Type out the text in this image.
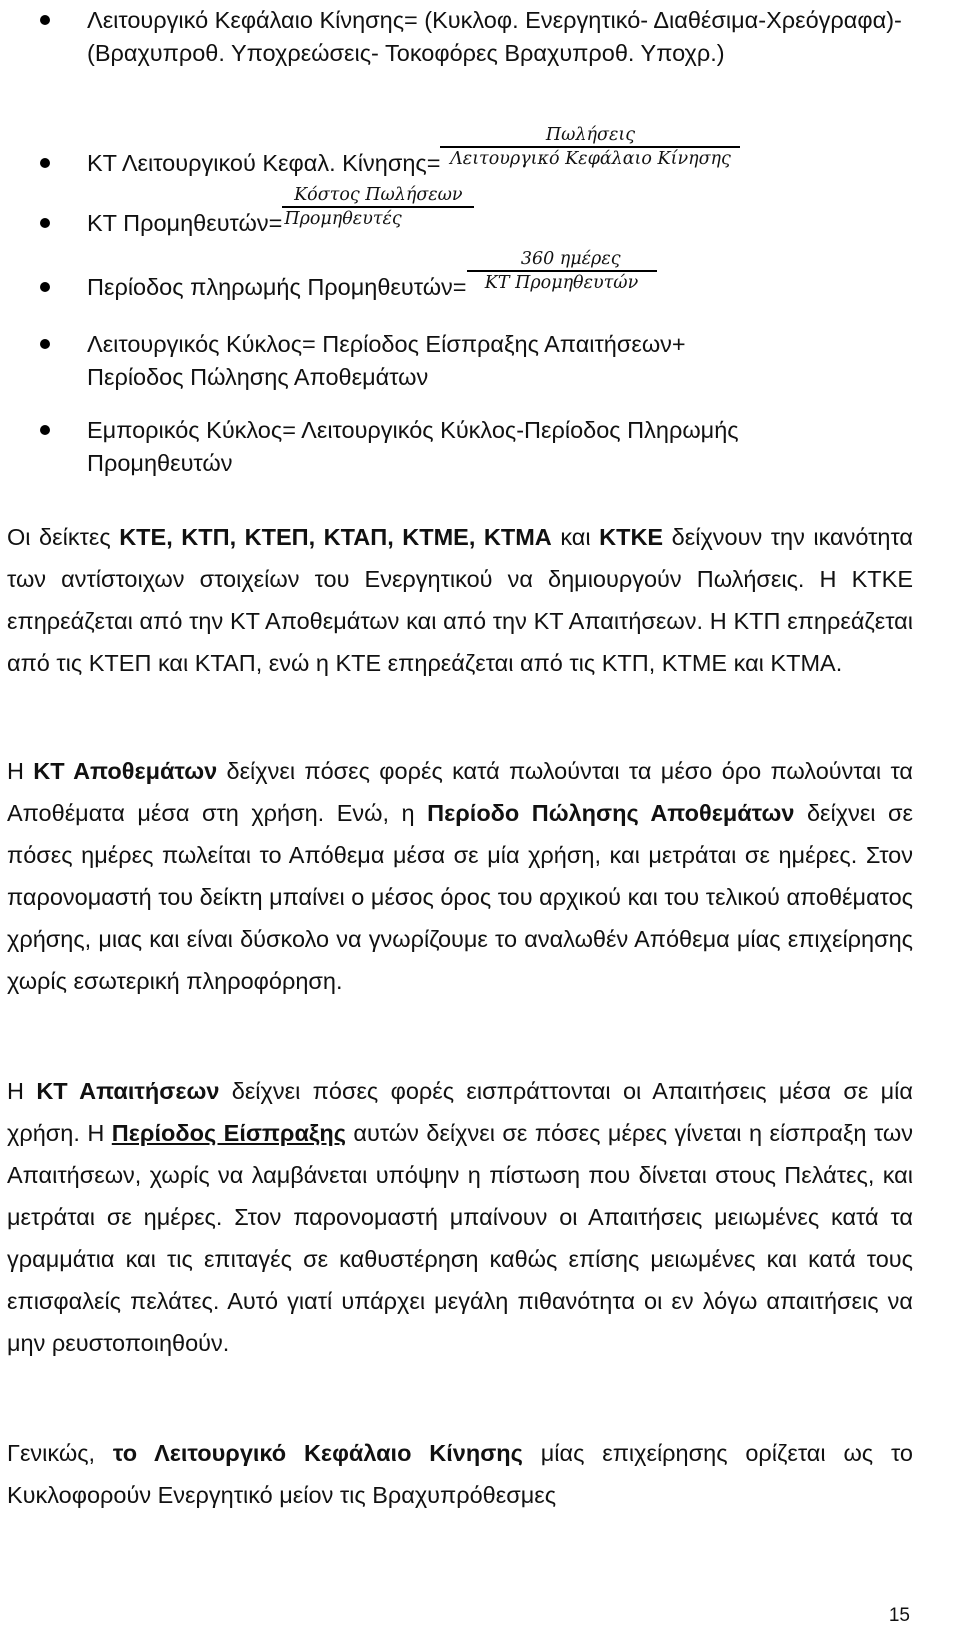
Λειτουργικό Κεφάλαιο Κίνησης= (Κυκλοφ. Ενεργητικό- Διαθέσιμα-Χρεόγραφα)-(Βραχυπροθ. Υποχρεώσεις- Τοκοφόρες Βραχυπροθ. Υποχρ.)
ΚΤ Λειτουργικού Κεφαλ. $Kί\nu\eta\sigma\eta\varsigma= \frac{\text{Πωλήσεις}}{\text{Λειτουργικό Κεφάλαιο Κίνησης}}$
ΚΤ $\Pi\rho o\mu\eta\theta\varepsilon\upsilon\tau ώ\nu= \frac{\text{Κόστος Πωλήσεων}}{\text{Προμηθευτές}}$
Περίοδος πληρωμής $\Pi\rho o\mu\eta\theta\varepsilon\upsilon\tau ώ\nu= \frac{\text{360 ημέρες}}{\text{ΚΤ Προμηθευτών}}$
Λειτουργικός Κύκλος= Περίοδος Είσπραξης Απαιτήσεων+ Περίοδος Πώλησης Αποθεμάτων
Εμπορικός Κύκλος= Λειτουργικός Κύκλος-Περίοδος Πληρωμής Προμηθευτών

Οι δείκτες ΚΤΕ, ΚΤΠ, ΚΤΕΠ, ΚΤΑΠ, ΚΤΜΕ, ΚΤΜΑ και ΚΤΚΕ δείχνουν την ικανότητα των αντίστοιχων στοιχείων του Ενεργητικού να δημιουργούν Πωλήσεις. Η ΚΤΚΕ επηρεάζεται από την ΚΤ Αποθεμάτων και από την ΚΤ Απαιτήσεων. Η ΚΤΠ επηρεάζεται από τις ΚΤΕΠ και ΚΤΑΠ, ενώ η ΚΤΕ επηρεάζεται από τις ΚΤΠ, ΚΤΜΕ και ΚΤΜΑ.

Η ΚΤ Αποθεμάτων δείχνει πόσες φορές κατά πωλούνται τα μέσο όρο πωλούνται τα Αποθέματα μέσα στη χρήση. Ενώ, η Περίοδο Πώλησης Αποθεμάτων δείχνει σε πόσες ημέρες πωλείται το Απόθεμα μέσα σε μία χρήση, και μετράται σε ημέρες. Στον παρονομαστή του δείκτη μπαίνει ο μέσος όρος του αρχικού και του τελικού αποθέματος χρήσης, μιας και είναι δύσκολο να γνωρίζουμε το αναλωθέν Απόθεμα μίας επιχείρησης χωρίς εσωτερική πληροφόρηση.

Η ΚΤ Απαιτήσεων δείχνει πόσες φορές εισπράττονται οι Απαιτήσεις μέσα σε μία χρήση. Η Περίοδος Είσπραξης αυτών δείχνει σε πόσες μέρες γίνεται η είσπραξη των Απαιτήσεων, χωρίς να λαμβάνεται υπόψην η πίστωση που δίνεται στους Πελάτες, και μετράται σε ημέρες. Στον παρονομαστή μπαίνουν οι Απαιτήσεις μειωμένες κατά τα γραμμάτια και τις επιταγές σε καθυστέρηση καθώς επίσης μειωμένες και κατά τους επισφαλείς πελάτες. Αυτό γιατί υπάρχει μεγάλη πιθανότητα οι εν λόγω απαιτήσεις να μην ρευστοποιηθούν.

Γενικώς, το Λειτουργικό Κεφάλαιο Κίνησης μίας επιχείρησης ορίζεται ως το Κυκλοφορούν Ενεργητικό μείον τις Βραχυπρόθεσμες

15
